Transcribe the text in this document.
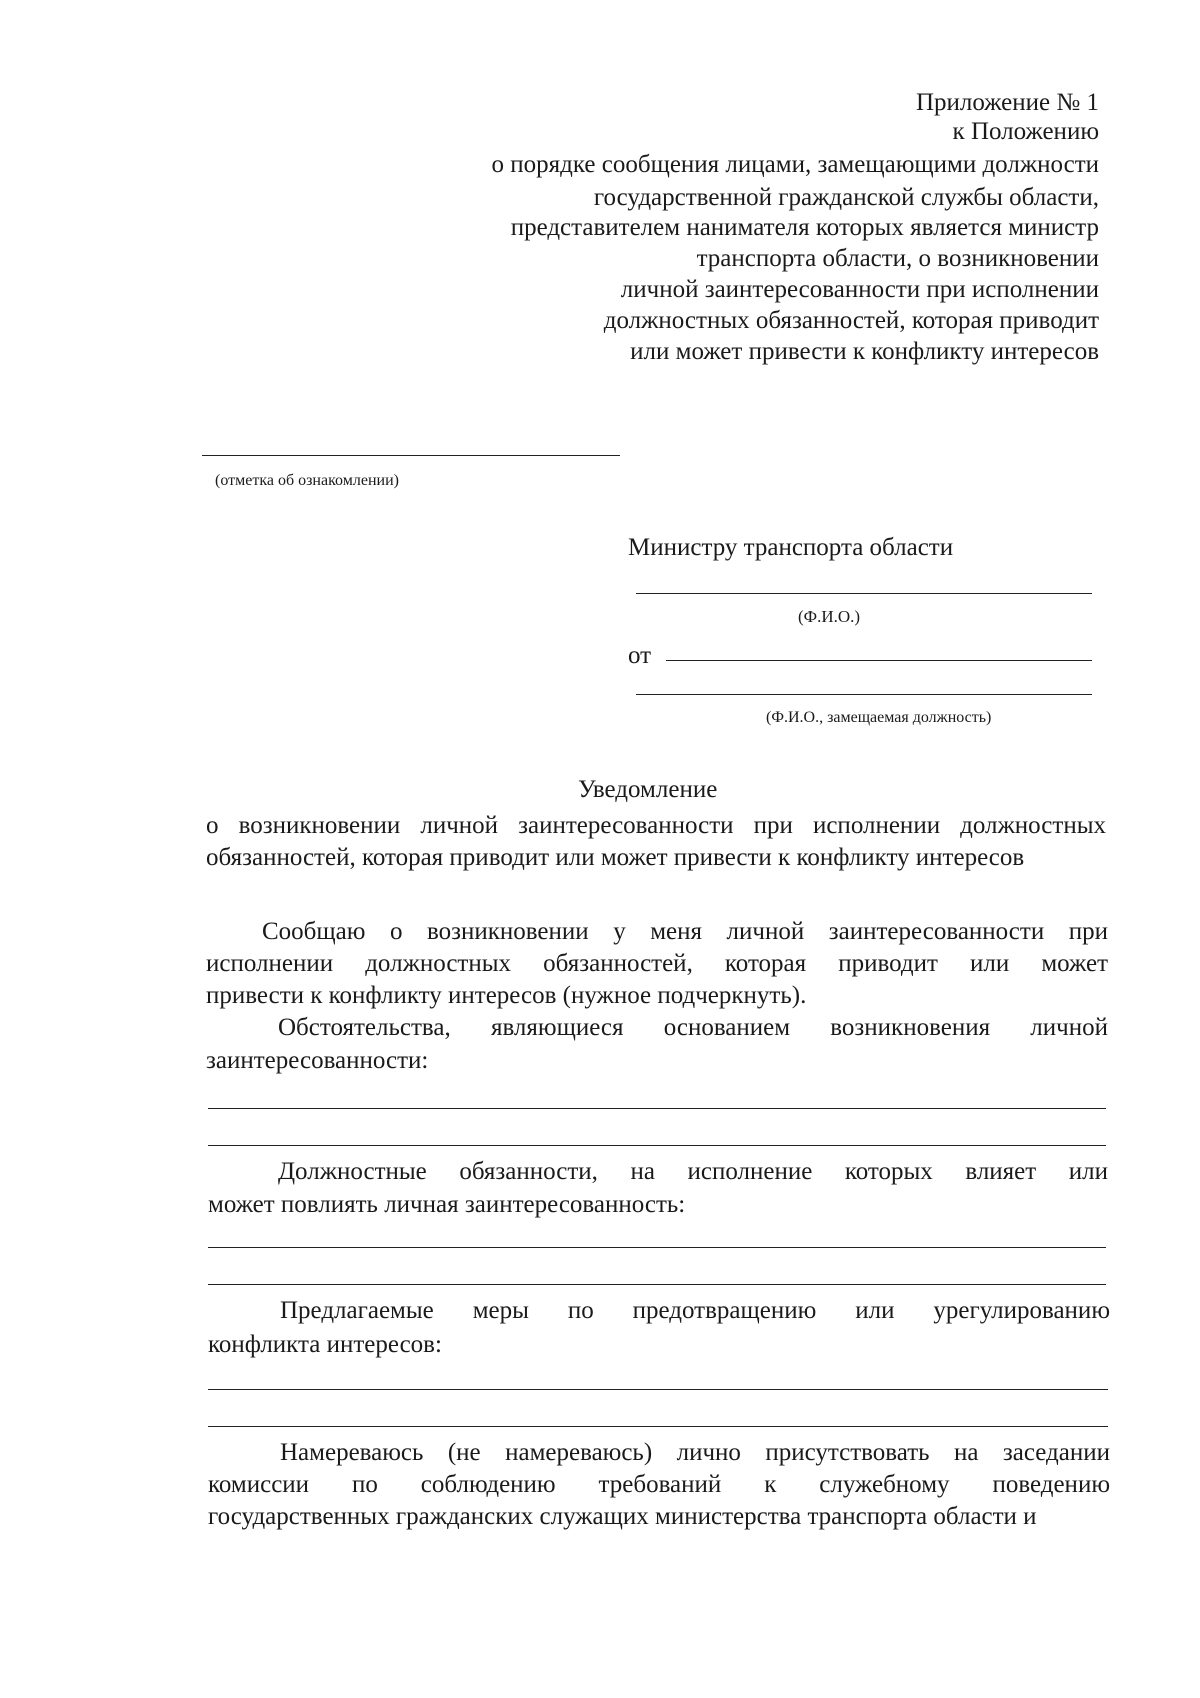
Приложение № 1
к Положению
о порядке сообщения лицами, замещающими должности
государственной гражданской службы области,
представителем нанимателя которых является министр
транспорта области, о возникновении
личной заинтересованности при исполнении
должностных обязанностей, которая приводит
или может привести к конфликту интересов
(отметка об ознакомлении)
Министру транспорта области
(Ф.И.О.)
от
(Ф.И.О., замещаемая должность)
Уведомление
о возникновении личной заинтересованности при исполнении должностных
обязанностей, которая приводит или может привести к конфликту интересов
Сообщаю о возникновении у меня личной заинтересованности при
исполнении должностных обязанностей, которая приводит или может
привести к конфликту интересов (нужное подчеркнуть).
Обстоятельства, являющиеся основанием возникновения личной
заинтересованности:
Должностные обязанности, на исполнение которых влияет или
может повлиять личная заинтересованность:
Предлагаемые меры по предотвращению или урегулированию
конфликта интересов:
Намереваюсь (не намереваюсь) лично присутствовать на заседании
комиссии по соблюдению требований к служебному поведению
государственных гражданских служащих министерства транспорта области и
